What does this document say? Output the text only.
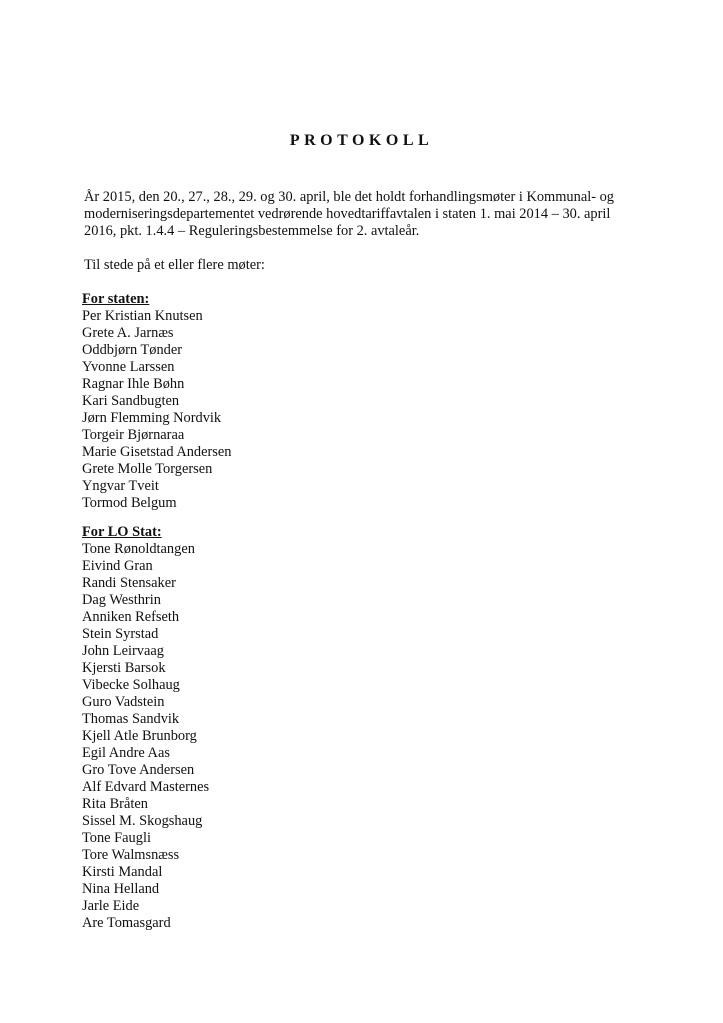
PROTOKOLL
År 2015, den 20., 27., 28., 29. og 30. april, ble det holdt forhandlingsmøter i Kommunal- og
moderniseringsdepartementet vedrørende hovedtariffavtalen i staten 1. mai 2014 – 30. april
2016, pkt. 1.4.4 – Reguleringsbestemmelse for 2. avtaleår.
Til stede på et eller flere møter:
For staten:
Per Kristian Knutsen
Grete A. Jarnæs
Oddbjørn Tønder
Yvonne Larssen
Ragnar Ihle Bøhn
Kari Sandbugten
Jørn Flemming Nordvik
Torgeir Bjørnaraa
Marie Gisetstad Andersen
Grete Molle Torgersen
Yngvar Tveit
Tormod Belgum
For LO Stat:
Tone Rønoldtangen
Eivind Gran
Randi Stensaker
Dag Westhrin
Anniken Refseth
Stein Syrstad
John Leirvaag
Kjersti Barsok
Vibecke Solhaug
Guro Vadstein
Thomas Sandvik
Kjell Atle Brunborg
Egil Andre Aas
Gro Tove Andersen
Alf Edvard Masternes
Rita Bråten
Sissel M. Skogshaug
Tone Faugli
Tore Walmsnæss
Kirsti Mandal
Nina Helland
Jarle Eide
Are Tomasgard
